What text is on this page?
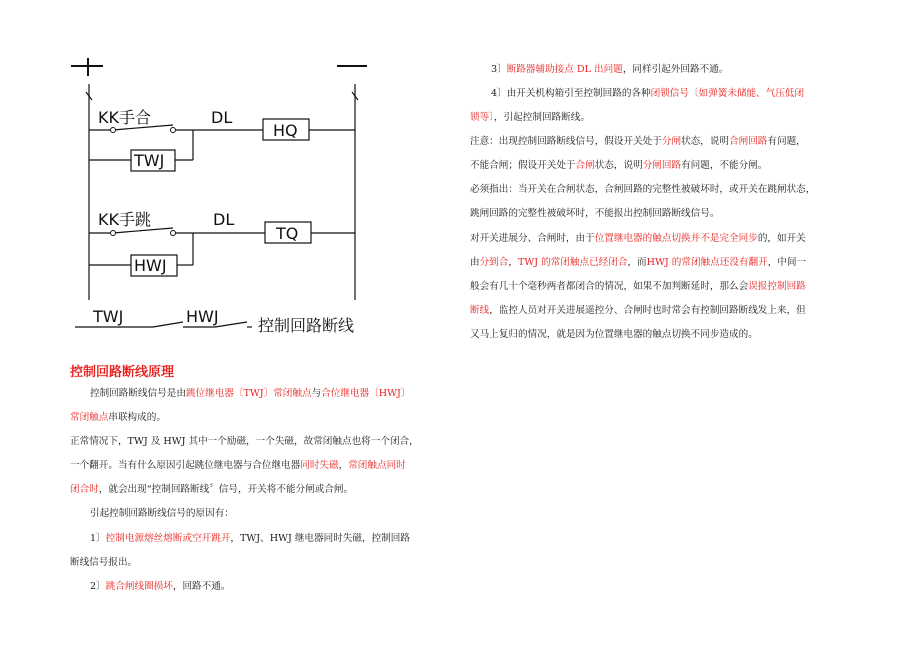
KK手合	DL
HQ
TWJ
KK手跳	DL
TQ
HWJ
TWJ	HWJ 控制回路断线
控制回路断线原理
控制回路断线信号是由跳位继电器〔TWJ〕常闭触点与合位继电器〔HWJ〕
常闭触点串联构成的。
正常情况下，TWJ 及 HWJ 其中一个励磁，一个失磁，故常闭触点也将一个闭合，
一个翻开。当有什么原因引起跳位继电器与合位继电器同时失磁，常闭触点同时
闭合时，就会出现“控制回路断线〞信号，开关将不能分闸或合闸。
引起控制回路断线信号的原因有：
1〕控制电源熔丝熔断或空开跳开，TWJ、HWJ 继电器同时失磁，控制回路
断线信号报出。
2〕跳合闸线圈损坏，回路不通。
3〕断路器辅助接点 DL 出问题，同样引起外回路不通。
4〕由开关机构箱引至控制回路的各种闭锁信号〔如弹簧未储能、气压低闭
锁等〕，引起控制回路断线。
注意：出现控制回路断线信号，假设开关处于分闸状态，说明合闸回路有问题，
不能合闸；假设开关处于合闸状态，说明分闸回路有问题，不能分闸。
必须指出：当开关在合闸状态，合闸回路的完整性被破坏时，或开关在跳闸状态，
跳闸回路的完整性被破坏时，不能报出控制回路断线信号。
对开关进展分、合闸时，由于位置继电器的触点切换并不是完全同步的，如开关
由分到合，TWJ 的常闭触点已经闭合，而HWJ 的常闭触点还没有翻开，中间一
般会有几十个毫秒两者都闭合的情况，如果不加判断延时，那么会误报控制回路
断线，监控人员对开关进展遥控分、合闸时也时常会有控制回路断线发上来，但
又马上复归的情况，就是因为位置继电器的触点切换不同步造成的。
